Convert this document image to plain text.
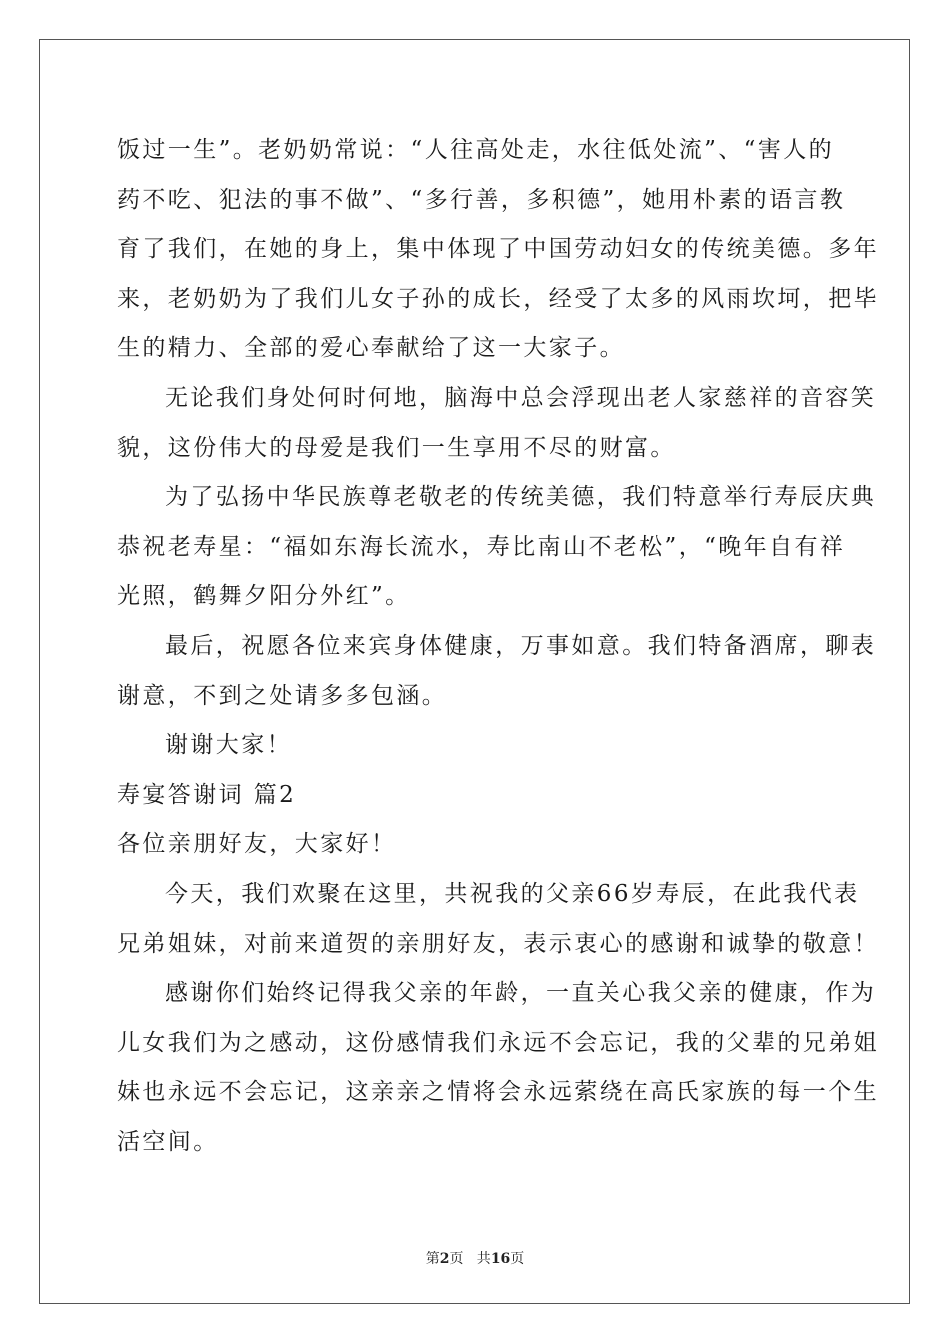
饭过一生”。老奶奶常说：“人往高处走，水往低处流”、“害人的
药不吃、犯法的事不做”、“多行善，多积德”，她用朴素的语言教
育了我们，在她的身上，集中体现了中国劳动妇女的传统美德。多年
来，老奶奶为了我们儿女子孙的成长，经受了太多的风雨坎坷，把毕
生的精力、全部的爱心奉献给了这一大家子。
无论我们身处何时何地，脑海中总会浮现出老人家慈祥的音容笑
貌，这份伟大的母爱是我们一生享用不尽的财富。
为了弘扬中华民族尊老敬老的传统美德，我们特意举行寿辰庆典
恭祝老寿星：“福如东海长流水，寿比南山不老松”，“晚年自有祥
光照，鹤舞夕阳分外红”。
最后，祝愿各位来宾身体健康，万事如意。我们特备酒席，聊表
谢意，不到之处请多多包涵。
谢谢大家！
寿宴答谢词 篇2
各位亲朋好友，大家好！
今天，我们欢聚在这里，共祝我的父亲66岁寿辰，在此我代表
兄弟姐妹，对前来道贺的亲朋好友，表示衷心的感谢和诚挚的敬意！
感谢你们始终记得我父亲的年龄，一直关心我父亲的健康，作为
儿女我们为之感动，这份感情我们永远不会忘记，我的父辈的兄弟姐
妹也永远不会忘记，这亲亲之情将会永远萦绕在高氏家族的每一个生
活空间。
第2页   共16页
